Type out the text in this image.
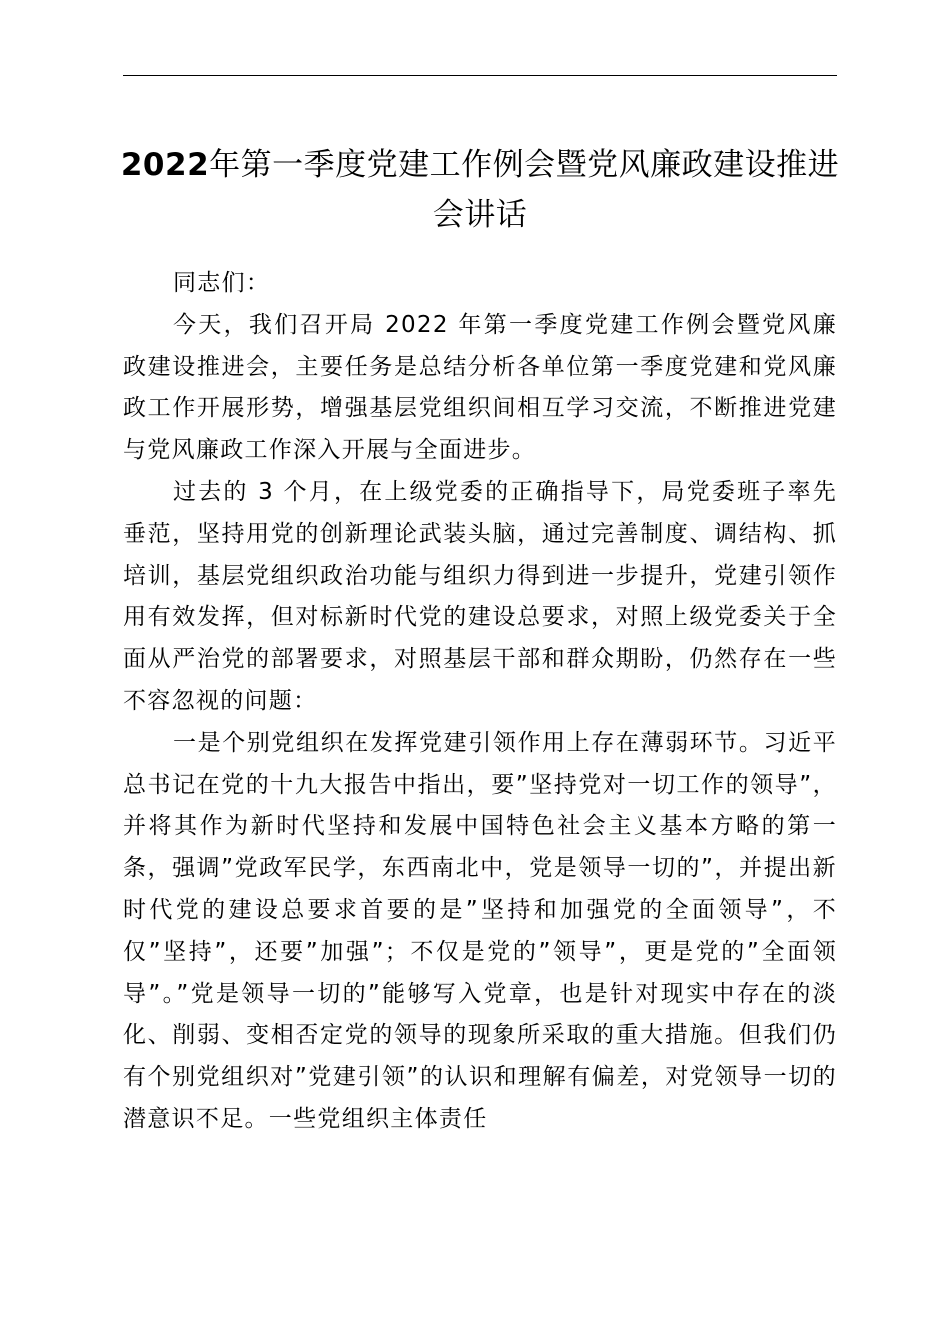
2022年第一季度党建工作例会暨党风廉政建设推进会讲话

同志们：

今天，我们召开局 2022 年第一季度党建工作例会暨党风廉政建设推进会，主要任务是总结分析各单位第一季度党建和党风廉政工作开展形势，增强基层党组织间相互学习交流，不断推进党建与党风廉政工作深入开展与全面进步。

过去的 3 个月，在上级党委的正确指导下，局党委班子率先垂范，坚持用党的创新理论武装头脑，通过完善制度、调结构、抓培训，基层党组织政治功能与组织力得到进一步提升，党建引领作用有效发挥，但对标新时代党的建设总要求，对照上级党委关于全面从严治党的部署要求，对照基层干部和群众期盼，仍然存在一些不容忽视的问题：

一是个别党组织在发挥党建引领作用上存在薄弱环节。习近平总书记在党的十九大报告中指出，要”坚持党对一切工作的领导”，并将其作为新时代坚持和发展中国特色社会主义基本方略的第一条，强调”党政军民学，东西南北中，党是领导一切的”，并提出新时代党的建设总要求首要的是”坚持和加强党的全面领导”，不仅”坚持”，还要”加强”；不仅是党的”领导”，更是党的”全面领导”。”党是领导一切的”能够写入党章，也是针对现实中存在的淡化、削弱、变相否定党的领导的现象所采取的重大措施。但我们仍有个别党组织对”党建引领”的认识和理解有偏差，对党领导一切的潜意识不足。一些党组织主体责任
